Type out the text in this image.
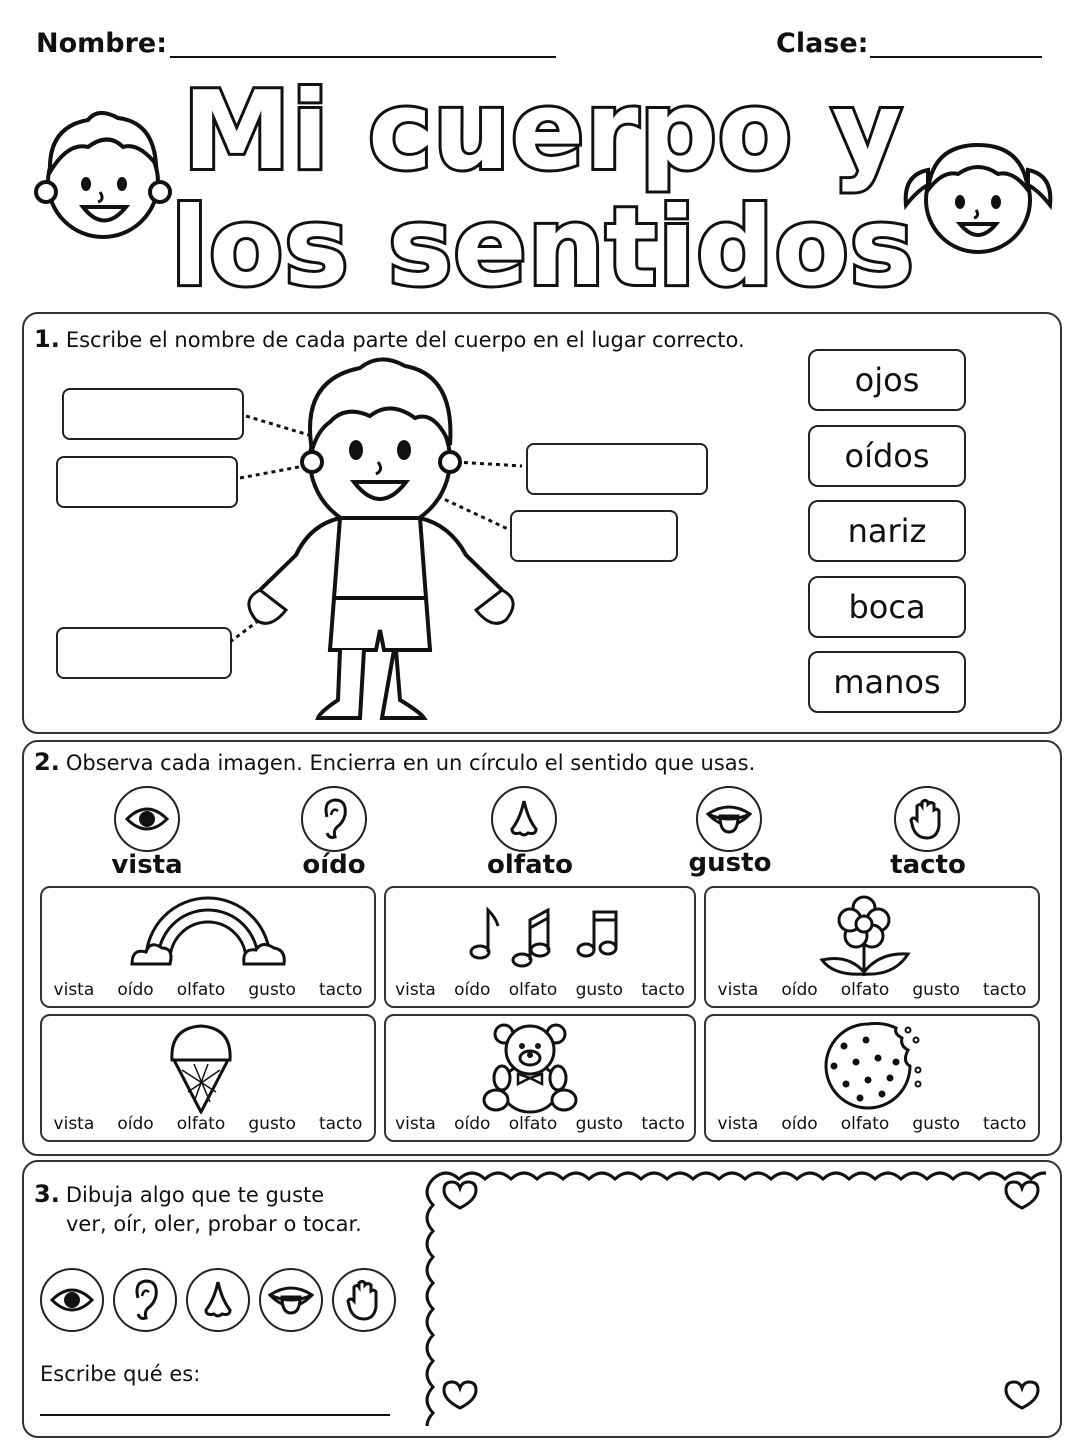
Nombre:	Clase:
Mi cuerpo y
los sentidos
1. Escribe el nombre de cada parte del cuerpo en el lugar correcto.
ojos
oídos
nariz
boca
manos
2. Observa cada imagen. Encierra en un círculo el sentido que usas.
vista	oído	olfato	gusto	tacto
vista oído olfato gusto tacto vista oído olfato gusto tacto vista oído olfato gusto tacto
vista oído olfato gusto tacto vista oído olfato gusto tacto vista oído olfato gusto tacto
3. Dibuja algo que te guste
ver, oír, oler, probar o tocar.
Escribe qué es:
